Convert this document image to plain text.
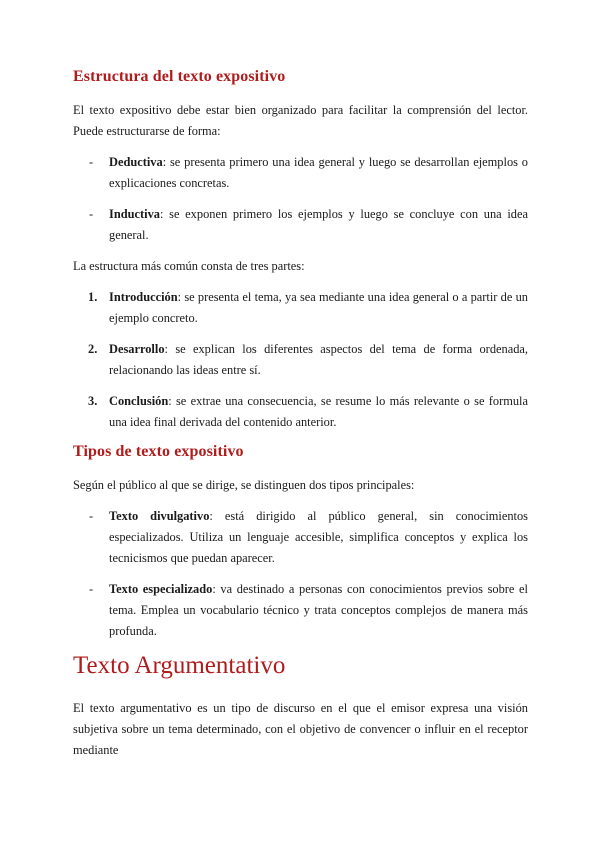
Estructura del texto expositivo

El texto expositivo debe estar bien organizado para facilitar la comprensión del lector. Puede estructurarse de forma:

- Deductiva: se presenta primero una idea general y luego se desarrollan ejemplos o explicaciones concretas.
- Inductiva: se exponen primero los ejemplos y luego se concluye con una idea general.

La estructura más común consta de tres partes:

1. Introducción: se presenta el tema, ya sea mediante una idea general o a partir de un ejemplo concreto.
2. Desarrollo: se explican los diferentes aspectos del tema de forma ordenada, relacionando las ideas entre sí.
3. Conclusión: se extrae una consecuencia, se resume lo más relevante o se formula una idea final derivada del contenido anterior.
Tipos de texto expositivo

Según el público al que se dirige, se distinguen dos tipos principales:

- Texto divulgativo: está dirigido al público general, sin conocimientos especializados. Utiliza un lenguaje accesible, simplifica conceptos y explica los tecnicismos que puedan aparecer.
- Texto especializado: va destinado a personas con conocimientos previos sobre el tema. Emplea un vocabulario técnico y trata conceptos complejos de manera más profunda.
Texto Argumentativo

El texto argumentativo es un tipo de discurso en el que el emisor expresa una visión subjetiva sobre un tema determinado, con el objetivo de convencer o influir en el receptor mediante
